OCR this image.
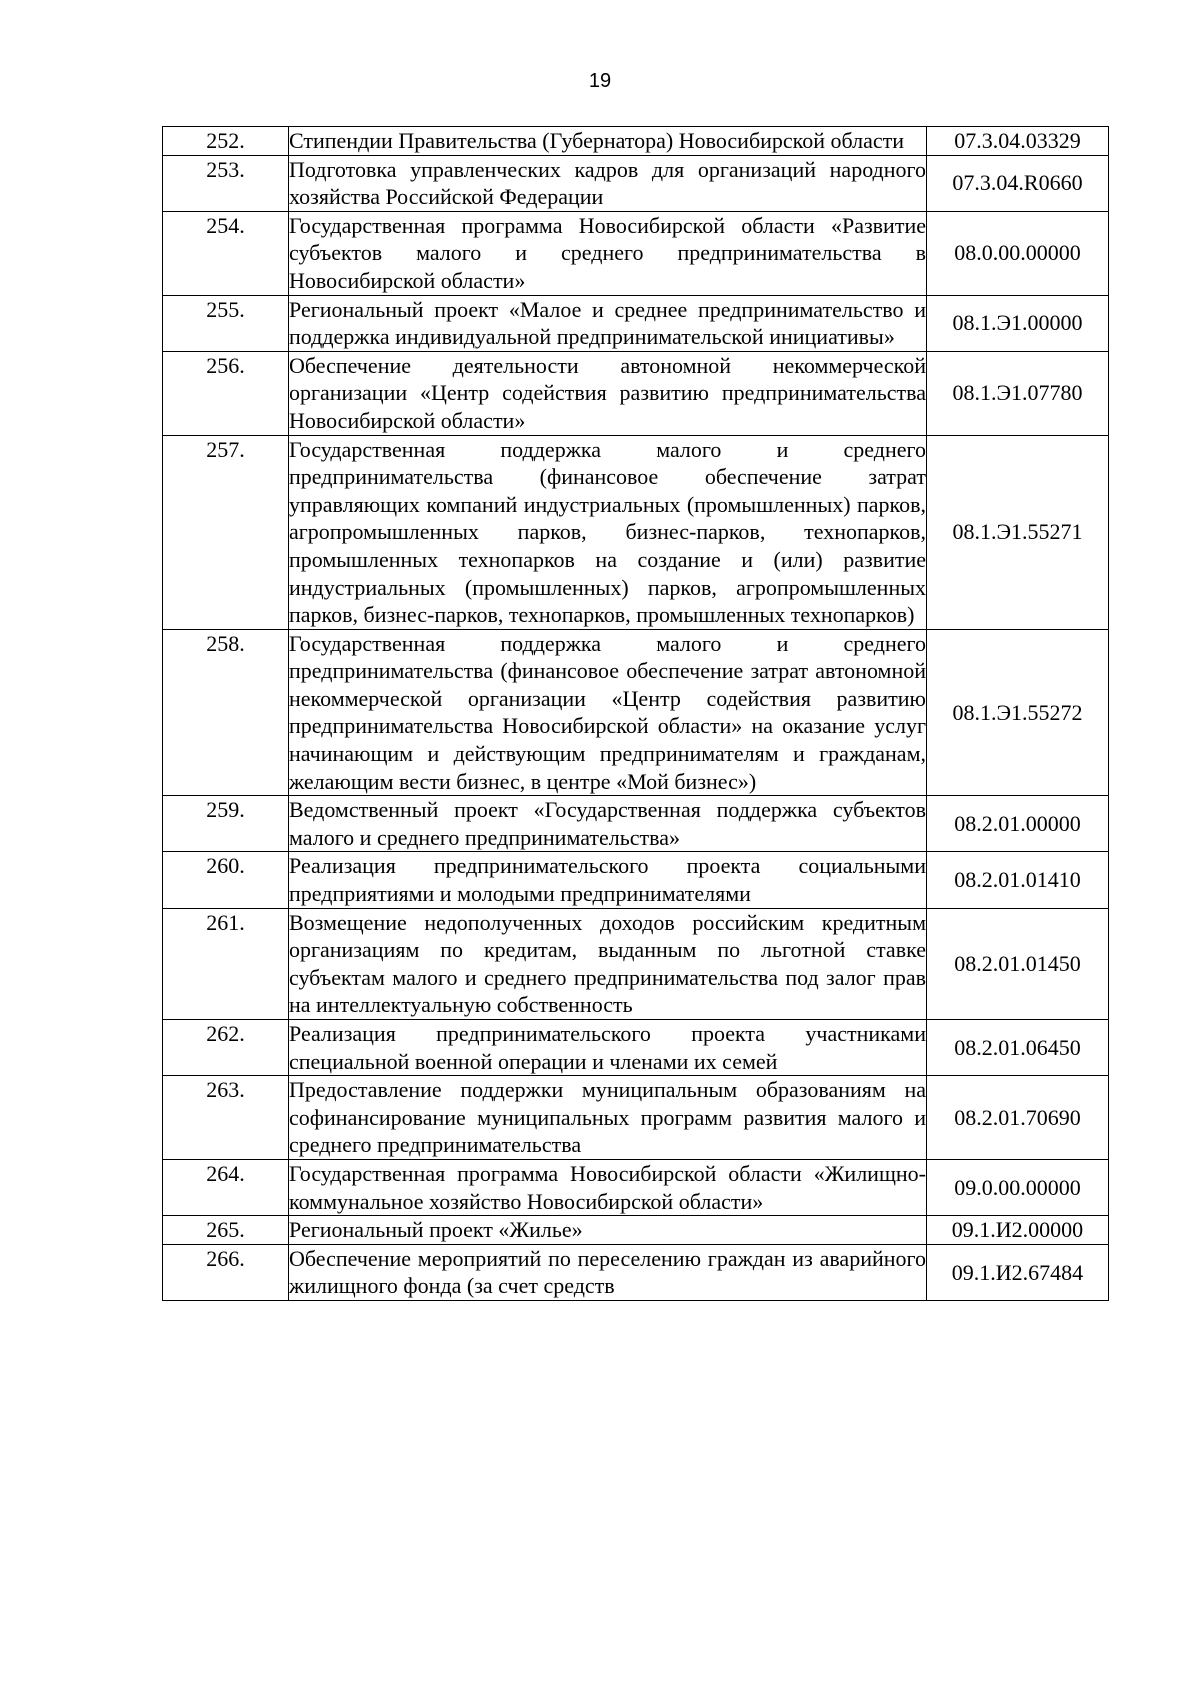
19
252.	Стипендии Правительства (Губернатора) Новосибирской области	07.3.04.03329
253.	Подготовка управленческих кадров для организаций народного хозяйства Российской Федерации	07.3.04.R0660
254.	Государственная программа Новосибирской области «Развитие субъектов малого и среднего предпринимательства в Новосибирской области»	08.0.00.00000
255.	Региональный проект «Малое и среднее предпринимательство и поддержка индивидуальной предпринимательской инициативы»	08.1.Э1.00000
256.	Обеспечение деятельности автономной некоммерческой организации «Центр содействия развитию предпринимательства Новосибирской области»	08.1.Э1.07780
257.	Государственная поддержка малого и среднего предпринимательства (финансовое обеспечение затрат управляющих компаний индустриальных (промышленных) парков, агропромышленных парков, бизнес-парков, технопарков, промышленных технопарков на создание и (или) развитие индустриальных (промышленных) парков, агропромышленных парков, бизнес-парков, технопарков, промышленных технопарков)	08.1.Э1.55271
258.	Государственная поддержка малого и среднего предпринимательства (финансовое обеспечение затрат автономной некоммерческой организации «Центр содействия развитию предпринимательства Новосибирской области» на оказание услуг начинающим и действующим предпринимателям и гражданам, желающим вести бизнес, в центре «Мой бизнес»)	08.1.Э1.55272
259.	Ведомственный проект «Государственная поддержка субъектов малого и среднего предпринимательства»	08.2.01.00000
260.	Реализация предпринимательского проекта социальными предприятиями и молодыми предпринимателями	08.2.01.01410
261.	Возмещение недополученных доходов российским кредитным организациям по кредитам, выданным по льготной ставке субъектам малого и среднего предпринимательства под залог прав на интеллектуальную собственность	08.2.01.01450
262.	Реализация предпринимательского проекта участниками специальной военной операции и членами их семей	08.2.01.06450
263.	Предоставление поддержки муниципальным образованиям на софинансирование муниципальных программ развития малого и среднего предпринимательства	08.2.01.70690
264.	Государственная программа Новосибирской области «Жилищно-коммунальное хозяйство Новосибирской области»	09.0.00.00000
265.	Региональный проект «Жилье»	09.1.И2.00000
266.	Обеспечение мероприятий по переселению граждан из аварийного жилищного фонда (за счет средств	09.1.И2.67484
